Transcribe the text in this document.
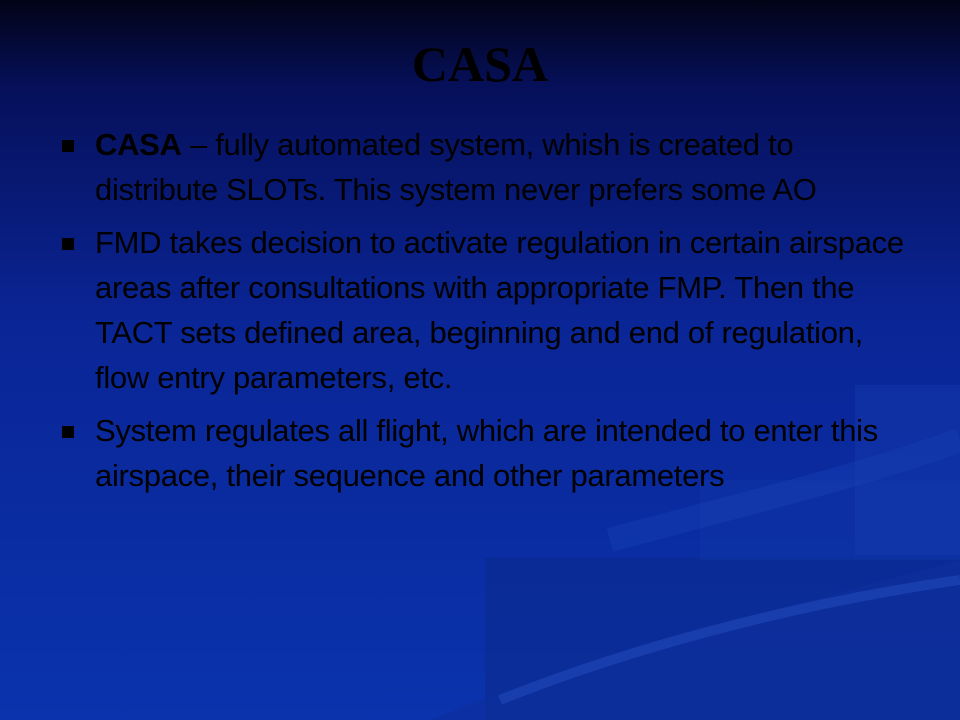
CASA
CASA – fully automated system, whish is created to distribute SLOTs. This system never prefers some AO
FMD takes decision to activate regulation in certain airspace areas after consultations with appropriate FMP. Then the TACT sets defined area, beginning and end of regulation, flow entry parameters, etc.
System regulates all flight, which are intended to enter this airspace, their sequence and other parameters
